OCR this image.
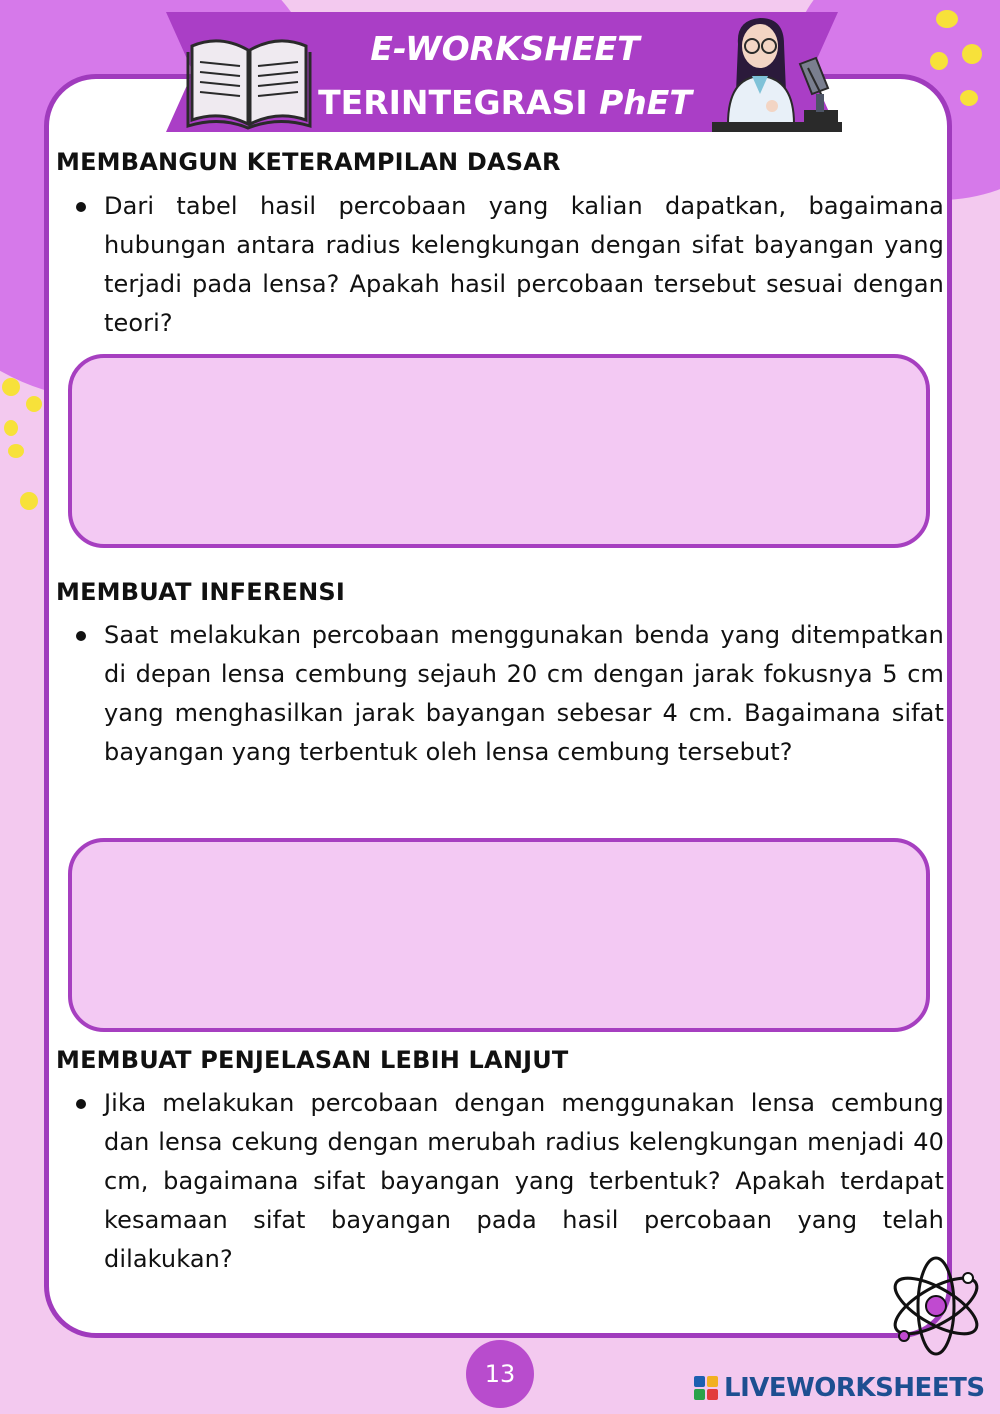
E-WORKSHEET
TERINTEGRASI PhET
MEMBANGUN KETERAMPILAN DASAR
Dari tabel hasil percobaan yang kalian dapatkan, bagaimana hubungan antara radius kelengkungan dengan sifat bayangan yang terjadi pada lensa? Apakah hasil percobaan tersebut sesuai dengan teori?
MEMBUAT INFERENSI
Saat melakukan percobaan menggunakan benda yang ditempatkan di depan lensa cembung sejauh 20 cm dengan jarak fokusnya 5 cm yang menghasilkan jarak bayangan sebesar 4 cm. Bagaimana sifat bayangan yang terbentuk oleh lensa cembung tersebut?
MEMBUAT PENJELASAN LEBIH LANJUT
Jika melakukan percobaan dengan menggunakan lensa cembung dan lensa cekung dengan merubah radius kelengkungan menjadi 40 cm, bagaimana sifat bayangan yang terbentuk? Apakah terdapat kesamaan sifat bayangan pada hasil percobaan yang telah dilakukan?
13	LIVEWORKSHEETS
